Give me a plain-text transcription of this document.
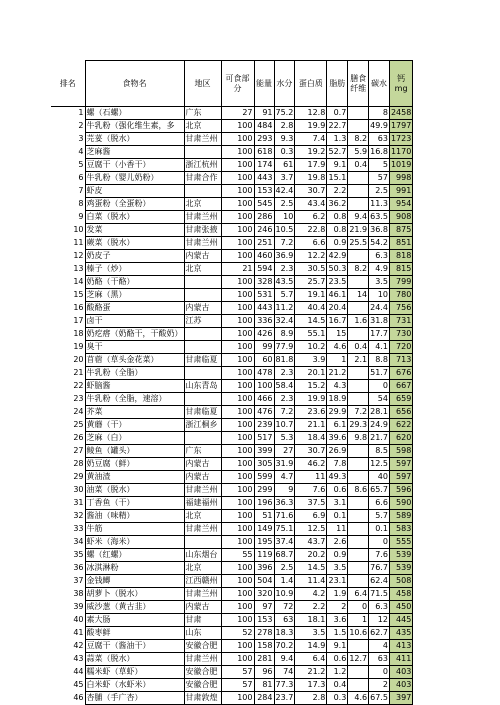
排名	食物名	地区	可食部分	能量	水分	蛋白质	脂肪	膳食纤维	碳水	钙
mg
1	螺（石螺）	广东	27	91	75.2	12.8	0.7		8	2458
2	牛乳粉（强化维生素，多	北京	100	484	2.8	19.9	22.7		49.9	1797
3	芫荽（脱水）	甘肃兰州	100	293	9.3	7.4	1.3	8.2	63	1723
4	芝麻酱		100	618	0.3	19.2	52.7	5.9	16.8	1170
5	豆腐干（小香干）	浙江杭州	100	174	61	17.9	9.1	0.4	5	1019
6	牛乳粉（婴儿奶粉）	甘肃合作	100	443	3.7	19.8	15.1		57	998
7	虾皮		100	153	42.4	30.7	2.2		2.5	991
8	鸡蛋粉（全蛋粉）	北京	100	545	2.5	43.4	36.2		11.3	954
9	白菜（脱水）	甘肃兰州	100	286	10	6.2	0.8	9.4	63.5	908
10	发菜	甘肃张掖	100	246	10.5	22.8	0.8	21.9	36.8	875
11	蕨菜（脱水）	甘肃兰州	100	251	7.2	6.6	0.9	25.5	54.2	851
12	奶皮子	内蒙古	100	460	36.9	12.2	42.9		6.3	818
13	榛子（炒）	北京	21	594	2.3	30.5	50.3	8.2	4.9	815
14	奶酪（干酪）		100	328	43.5	25.7	23.5		3.5	799
15	芝麻（黑）		100	531	5.7	19.1	46.1	14	10	780
16	酸酪蛋	内蒙古	100	443	11.2	40.4	20.4		24.4	756
17	卤干	江苏	100	336	32.4	14.5	16.7	1.6	31.8	731
18	奶疙瘩（奶酪干，干酸奶）		100	426	8.9	55.1	15		17.7	730
19	臭干		100	99	77.9	10.2	4.6	0.4	4.1	720
20	苜蓿（草头金花菜）	甘肃临夏	100	60	81.8	3.9	1	2.1	8.8	713
21	牛乳粉（全脂）		100	478	2.3	20.1	21.2		51.7	676
22	虾脑酱	山东青岛	100	100	58.4	15.2	4.3		0	667
23	牛乳粉（全脂，速溶）		100	466	2.3	19.9	18.9		54	659
24	芥菜	甘肃临夏	100	476	7.2	23.6	29.9	7.2	28.1	656
25	黄蘑（干）	浙江桐乡	100	239	10.7	21.1	6.1	29.3	24.9	622
26	芝麻（白）		100	517	5.3	18.4	39.6	9.8	21.7	620
27	鲮鱼（罐头）	广东	100	399	27	30.7	26.9		8.5	598
28	奶豆腐（鲜）	内蒙古	100	305	31.9	46.2	7.8		12.5	597
29	黄油渣	内蒙古	100	599	4.7	11	49.3		40	597
30	油菜（脱水）	甘肃兰州	100	299	9	7.6	0.6	8.6	65.7	596
31	丁香鱼（干）	福建福州	100	196	36.3	37.5	3.1		6.6	590
32	酱油（味精）	北京	100	51	71.6	6.9	0.1		5.7	589
33	牛筋	甘肃兰州	100	149	75.1	12.5	11		0.1	583
34	虾米（海米）		100	195	37.4	43.7	2.6		0	555
35	螺（红螺）	山东烟台	55	119	68.7	20.2	0.9		7.6	539
36	冰淇淋粉	北京	100	396	2.5	14.5	3.5		76.7	539
37	金钱鲫	江西赣州	100	504	1.4	11.4	23.1		62.4	508
38	胡萝卜（脱水）	甘肃兰州	100	320	10.9	4.2	1.9	6.4	71.5	458
39	威沙葱（黄古韭）	内蒙古	100	97	72	2.2	2	0	6.3	450
40	素大肠	甘肃	100	153	63	18.1	3.6	1	12	445
41	酸枣鲜	山东	52	278	18.3	3.5	1.5	10.6	62.7	435
42	豆腐干（酱油干）	安徽合肥	100	158	70.2	14.9	9.1		4	413
43	蒜菜（脱水）	甘肃兰州	100	281	9.4	6.4	0.6	12.7	63	411
44	糯米虾（草虾）	安徽合肥	57	96	74	21.2	1.2		0	403
45	白米虾（水虾米）	安徽合肥	57	81	77.3	17.3	0.4		2	403
46	杏脯（手广杏）	甘肃敦煌	100	284	23.7	2.8	0.3	4.6	67.5	397
